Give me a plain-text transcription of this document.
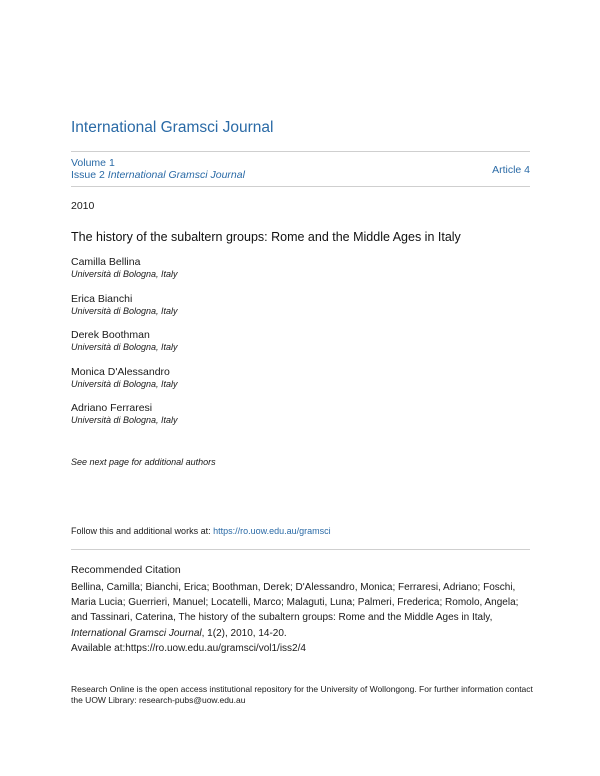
International Gramsci Journal
Volume 1
Issue 2 International Gramsci Journal	Article 4
2010
The history of the subaltern groups: Rome and the Middle Ages in Italy
Camilla Bellina
Università di Bologna, Italy
Erica Bianchi
Università di Bologna, Italy
Derek Boothman
Università di Bologna, Italy
Monica D'Alessandro
Università di Bologna, Italy
Adriano Ferraresi
Università di Bologna, Italy
See next page for additional authors
Follow this and additional works at: https://ro.uow.edu.au/gramsci
Recommended Citation
Bellina, Camilla; Bianchi, Erica; Boothman, Derek; D'Alessandro, Monica; Ferraresi, Adriano; Foschi, Maria Lucia; Guerrieri, Manuel; Locatelli, Marco; Malaguti, Luna; Palmeri, Frederica; Romolo, Angela; and Tassinari, Caterina, The history of the subaltern groups: Rome and the Middle Ages in Italy, International Gramsci Journal, 1(2), 2010, 14-20.
Available at:https://ro.uow.edu.au/gramsci/vol1/iss2/4
Research Online is the open access institutional repository for the University of Wollongong. For further information contact the UOW Library: research-pubs@uow.edu.au
